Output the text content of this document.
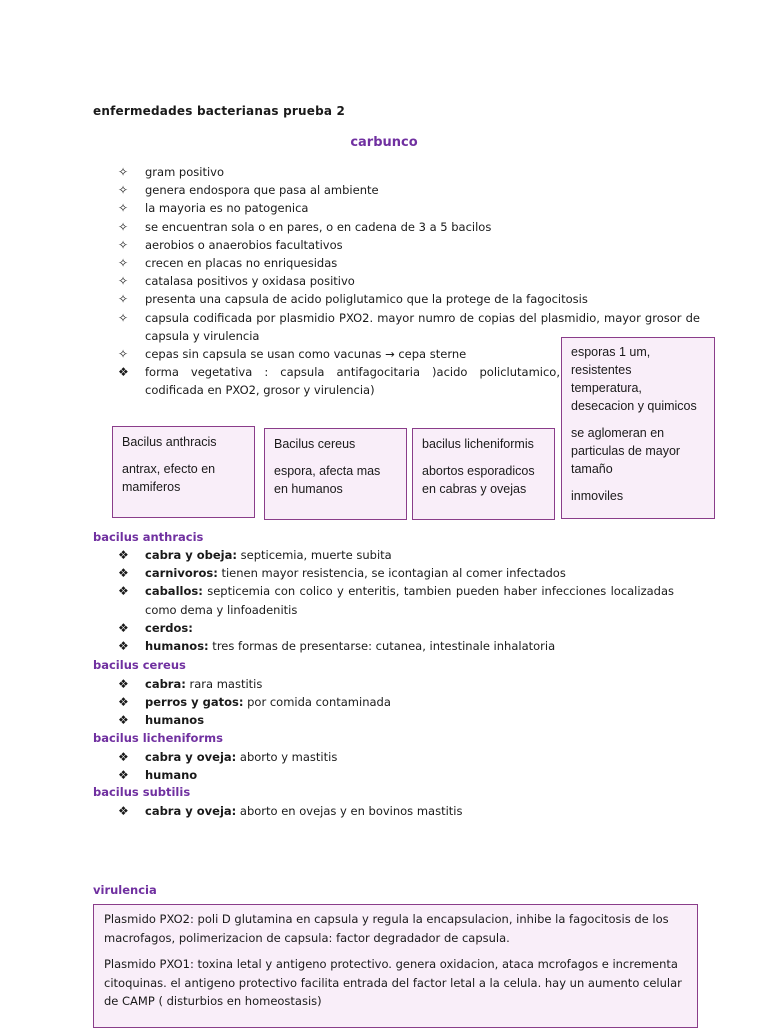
enfermedades bacterianas prueba 2
carbunco
✧ gram positivo
✧ genera endospora que pasa al ambiente
✧ la mayoria es no patogenica
✧ se encuentran sola o en pares, o en cadena de 3 a 5 bacilos
✧ aerobios o anaerobios facultativos
✧ crecen en placas no enriquesidas
✧ catalasa positivos y oxidasa positivo
✧ presenta una capsula de acido poliglutamico que la protege de la fagocitosis
✧ capsula codificada por plasmidio PXO2. mayor numro de copias del plasmidio, mayor grosor de capsula y virulencia
✧ cepas sin capsula se usan como vacunas → cepa sterne
❖ forma vegetativa : capsula antifagocitaria )acido policlutamico, codificada en PXO2, grosor y virulencia)

esporas 1 um, resistentes temperatura, desecacion y quimicos

se aglomeran en particulas de mayor tamaño

inmoviles

Bacilus anthracis

antrax, efecto en mamiferos

Bacilus cereus

espora, afecta mas en humanos

bacilus licheniformis

abortos esporadicos en cabras y ovejas

bacilus anthracis
❖ cabra y obeja: septicemia, muerte subita
❖ carnivoros: tienen mayor resistencia, se icontagian al comer infectados
❖ caballos: septicemia con colico y enteritis, tambien pueden haber infecciones localizadas como dema y linfoadenitis
❖ cerdos:
❖ humanos: tres formas de presentarse: cutanea, intestinale inhalatoria
bacilus cereus
❖ cabra: rara mastitis
❖ perros y gatos: por comida contaminada
❖ humanos
bacilus licheniforms
❖ cabra y oveja: aborto y mastitis
❖ humano
bacilus subtilis
❖ cabra y oveja: aborto en ovejas y en bovinos mastitis
virulencia

Plasmido PXO2: poli D glutamina en capsula y regula la encapsulacion, inhibe la fagocitosis de los macrofagos, polimerizacion de capsula: factor degradador de capsula.

Plasmido PXO1: toxina letal y antigeno protectivo. genera oxidacion, ataca mcrofagos e incrementa citoquinas. el antigeno protectivo facilita entrada del factor letal a la celula. hay un aumento celular de CAMP ( disturbios en homeostasis)
